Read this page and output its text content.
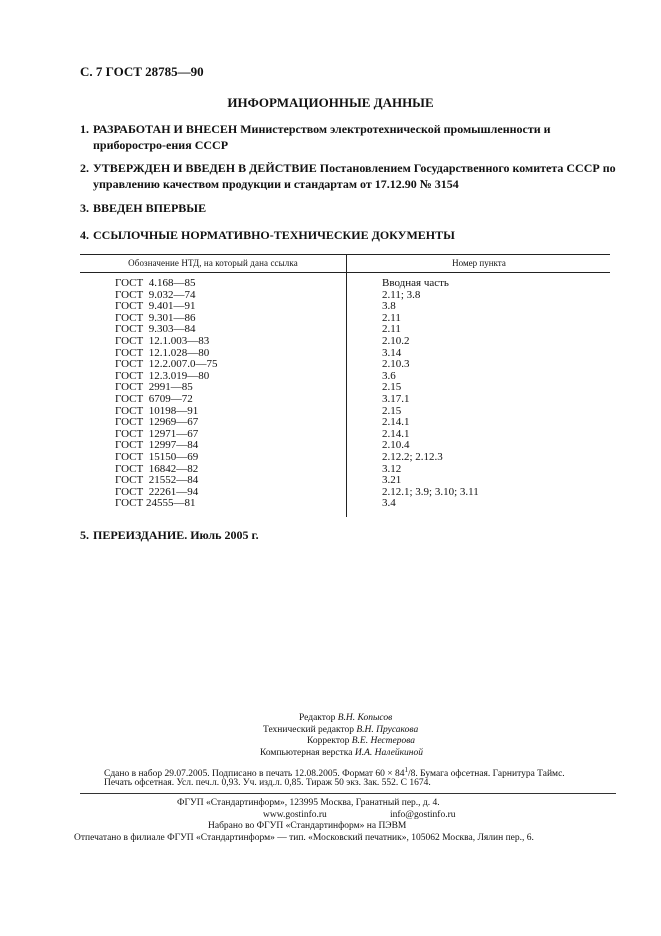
С. 7 ГОСТ 28785—90
ИНФОРМАЦИОННЫЕ ДАННЫЕ
1. РАЗРАБОТАН И ВНЕСЕН Министерством электротехнической промышленности и приборостро-ения СССР
2. УТВЕРЖДЕН И ВВЕДЕН В ДЕЙСТВИЕ Постановлением Государственного комитета СССР по управлению качеством продукции и стандартам от 17.12.90 № 3154
3. ВВЕДЕН ВПЕРВЫЕ
4. ССЫЛОЧНЫЕ НОРМАТИВНО-ТЕХНИЧЕСКИЕ ДОКУМЕНТЫ
Обозначение НТД, на который дана ссылка	Номер пункта
ГОСТ  4.168—85	Вводная часть
ГОСТ  9.032—74	2.11; 3.8
ГОСТ  9.401—91	3.8
ГОСТ  9.301—86	2.11
ГОСТ  9.303—84	2.11
ГОСТ  12.1.003—83	2.10.2
ГОСТ  12.1.028—80	3.14
ГОСТ  12.2.007.0—75	2.10.3
ГОСТ  12.3.019—80	3.6
ГОСТ  2991—85	2.15
ГОСТ  6709—72	3.17.1
ГОСТ  10198—91	2.15
ГОСТ  12969—67	2.14.1
ГОСТ  12971—67	2.14.1
ГОСТ  12997—84	2.10.4
ГОСТ  15150—69	2.12.2; 2.12.3
ГОСТ  16842—82	3.12
ГОСТ  21552—84	3.21
ГОСТ  22261—94	2.12.1; 3.9; 3.10; 3.11
ГОСТ 24555—81	3.4
5. ПЕРЕИЗДАНИЕ. Июль 2005 г.
Редактор В.Н. Копысов
Технический редактор В.Н. Прусакова
Корректор В.Е. Нестерова
Компьютерная верстка И.А. Налейкиной
Сдано в набор 29.07.2005. Подписано в печать 12.08.2005. Формат $60 \times 84^1/8$. Бумага офсетная. Гарнитура Таймс.
Печать офсетная. Усл. печ.л. 0,93. Уч. изд.л. 0,85. Тираж 50 экз. Зак. 552. С 1674.
ФГУП «Стандартинформ», 123995 Москва, Гранатный пер., д. 4.
www.gostinfo.ru	info@gostinfo.ru
Набрано во ФГУП «Стандартинформ» на ПЭВМ
Отпечатано в филиале ФГУП «Стандартинформ» — тип. «Московский печатник», 105062 Москва, Лялин пер., 6.
